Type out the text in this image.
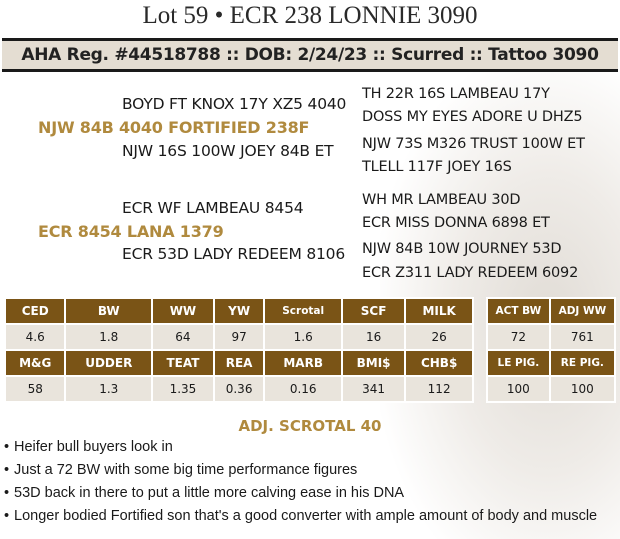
Lot 59 • ECR 238 LONNIE 3090
AHA Reg. #44518788 :: DOB: 2/24/23 :: Scurred :: Tattoo 3090
BOYD FT KNOX 17Y XZ5 4040
NJW 84B 4040 FORTIFIED 238F
NJW 16S 100W JOEY 84B ET
TH 22R 16S LAMBEAU 17Y
DOSS MY EYES ADORE U DHZ5
NJW 73S M326 TRUST 100W ET
TLELL 117F JOEY 16S
ECR WF LAMBEAU 8454
ECR 8454 LANA 1379
ECR 53D LADY REDEEM 8106
WH MR LAMBEAU 30D
ECR MISS DONNA 6898 ET
NJW 84B 10W JOURNEY 53D
ECR Z311 LADY REDEEM 6092
CED	BW	WW	YW	Scrotal	SCF	MILK
4.6	1.8	64	97	1.6	16	26
M&G	UDDER	TEAT	REA	MARB	BMI$	CHB$
58	1.3	1.35	0.36	0.16	341	112
ACT BW	ADJ WW
72	761
LE PIG.	RE PIG.
100	100
ADJ. SCROTAL 40
• Heifer bull buyers look in
• Just a 72 BW with some big time performance figures
• 53D back in there to put a little more calving ease in his DNA
• Longer bodied Fortified son that's a good converter with ample amount of body and muscle
